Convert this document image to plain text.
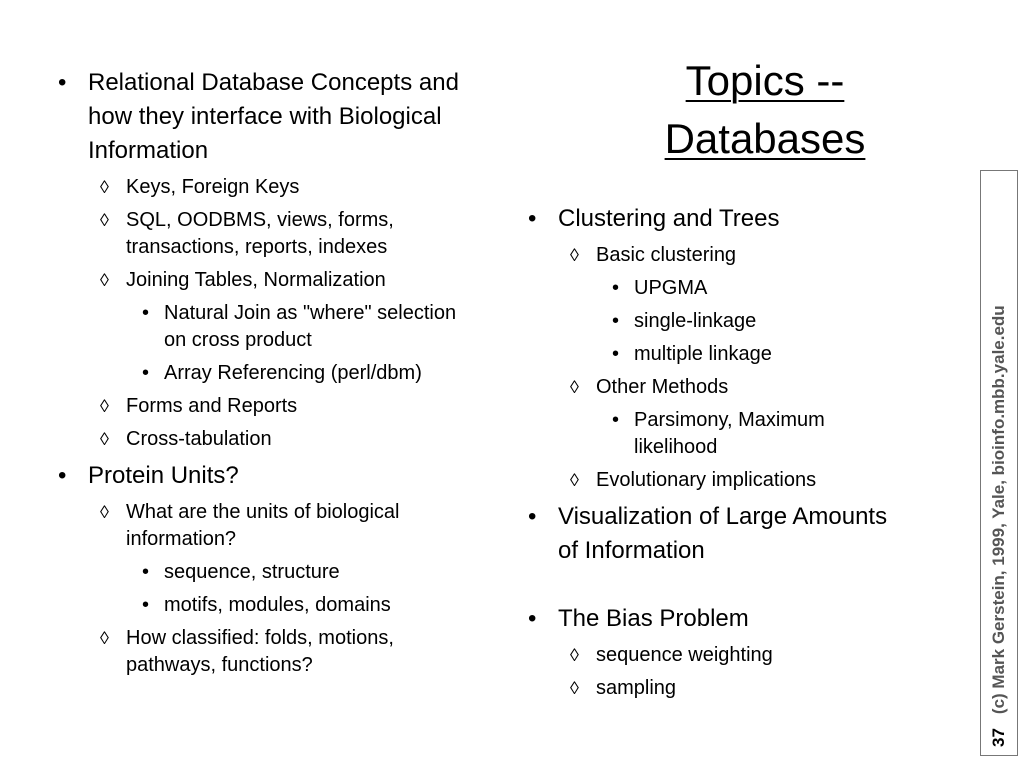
Topics -- Databases
• Relational Database Concepts and how they interface with Biological Information
◊ Keys, Foreign Keys
◊ SQL, OODBMS, views, forms, transactions, reports, indexes
◊ Joining Tables, Normalization
• Natural Join as "where" selection on cross product
• Array Referencing (perl/dbm)
◊ Forms and Reports
◊ Cross-tabulation
• Protein Units?
◊ What are the units of biological information?
• sequence, structure
• motifs, modules, domains
◊ How classified: folds, motions, pathways, functions?
• Clustering and Trees
◊ Basic clustering
• UPGMA
• single-linkage
• multiple linkage
◊ Other Methods
• Parsimony, Maximum likelihood
◊ Evolutionary implications
• Visualization of Large Amounts of Information
• The Bias Problem
◊ sequence weighting
◊ sampling
37
(c) Mark Gerstein, 1999, Yale, bioinfo.mbb.yale.edu
